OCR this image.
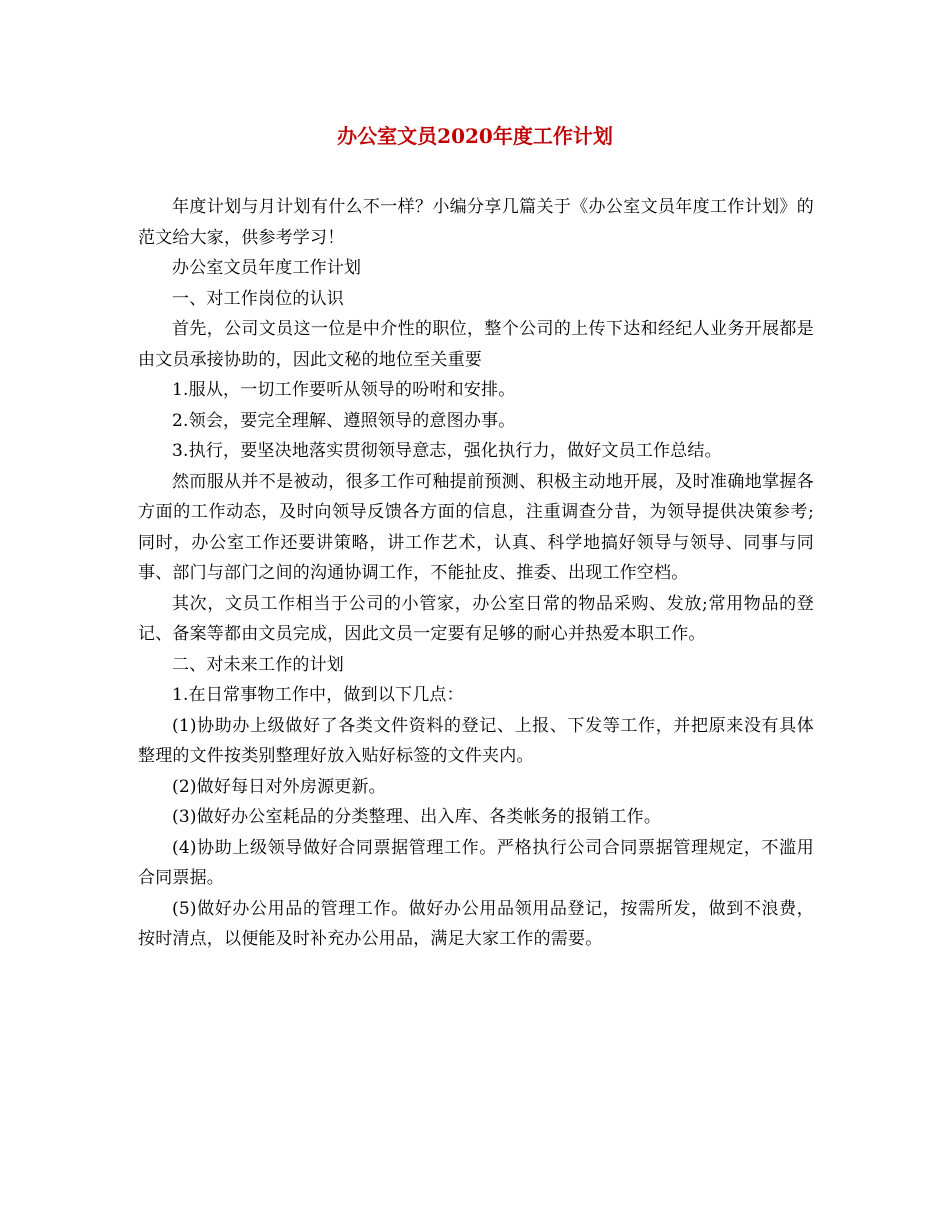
办公室文员2020年度工作计划

年度计划与月计划有什么不一样？小编分享几篇关于《办公室文员年度工作计划》的范文给大家，供参考学习！

办公室文员年度工作计划

一、对工作岗位的认识

首先，公司文员这一位是中介性的职位，整个公司的上传下达和经纪人业务开展都是由文员承接协助的，因此文秘的地位至关重要

1.服从，一切工作要听从领导的吩咐和安排。

2.领会，要完全理解、遵照领导的意图办事。

3.执行，要坚决地落实贯彻领导意志，强化执行力，做好文员工作总结。

然而服从并不是被动，很多工作可釉提前预测、积极主动地开展，及时准确地掌握各方面的工作动态，及时向领导反馈各方面的信息，注重调查分昔，为领导提供决策参考;同时，办公室工作还要讲策略，讲工作艺术，认真、科学地搞好领导与领导、同事与同事、部门与部门之间的沟通协调工作，不能扯皮、推委、出现工作空档。

其次，文员工作相当于公司的小管家，办公室日常的物品采购、发放;常用物品的登记、备案等都由文员完成，因此文员一定要有足够的耐心并热爱本职工作。

二、对未来工作的计划

1.在日常事物工作中，做到以下几点：

(1)协助办上级做好了各类文件资料的登记、上报、下发等工作，并把原来没有具体整理的文件按类别整理好放入贴好标签的文件夹内。

(2)做好每日对外房源更新。

(3)做好办公室耗品的分类整理、出入库、各类帐务的报销工作。

(4)协助上级领导做好合同票据管理工作。严格执行公司合同票据管理规定，不滥用合同票据。

(5)做好办公用品的管理工作。做好办公用品领用品登记，按需所发，做到不浪费，按时清点，以便能及时补充办公用品，满足大家工作的需要。
